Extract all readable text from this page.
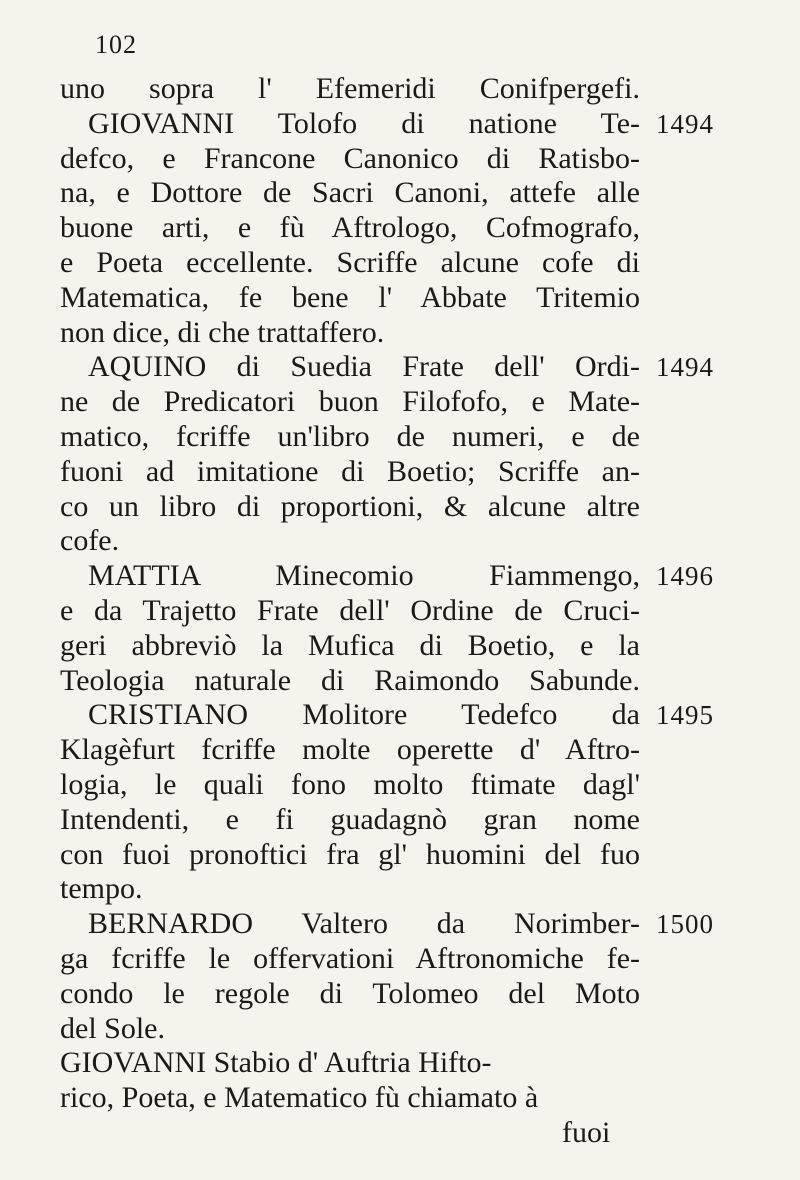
102
uno sopra l' Efemeridi Conifpergefi.
GIOVANNI Tolofo di natione Te-
defco, e Francone Canonico di Ratisbo-
na, e Dottore de Sacri Canoni, attefe alle
buone arti, e fù Aftrologo, Cofmografo,
e Poeta eccellente. Scriffe alcune cofe di
Matematica, fe bene l' Abbate Tritemio
non dice, di che trattaffero.
AQUINO di Suedia Frate dell' Ordi-
ne de Predicatori buon Filofofo, e Mate-
matico, fcriffe un'libro de numeri, e de
fuoni ad imitatione di Boetio; Scriffe an-
co un libro di proportioni, & alcune altre
cofe.
MATTIA Minecomio Fiammengo,
e da Trajetto Frate dell' Ordine de Cruci-
geri abbreviò la Mufica di Boetio, e la
Teologia naturale di Raimondo Sabunde.
CRISTIANO Molitore Tedefco da
Klagèfurt fcriffe molte operette d' Aftro-
logia, le quali fono molto ftimate dagl'
Intendenti, e fi guadagnò gran nome
con fuoi pronoftici fra gl' huomini del fuo
tempo.
BERNARDO Valtero da Norimber-
ga fcriffe le offervationi Aftronomiche fe-
condo le regole di Tolomeo del Moto
del Sole.
1494
1494
1496
1495
1500
GIOVANNI Stabio d' Auftria Hifto-
rico, Poeta, e Matematico fù chiamato à
fuoi
